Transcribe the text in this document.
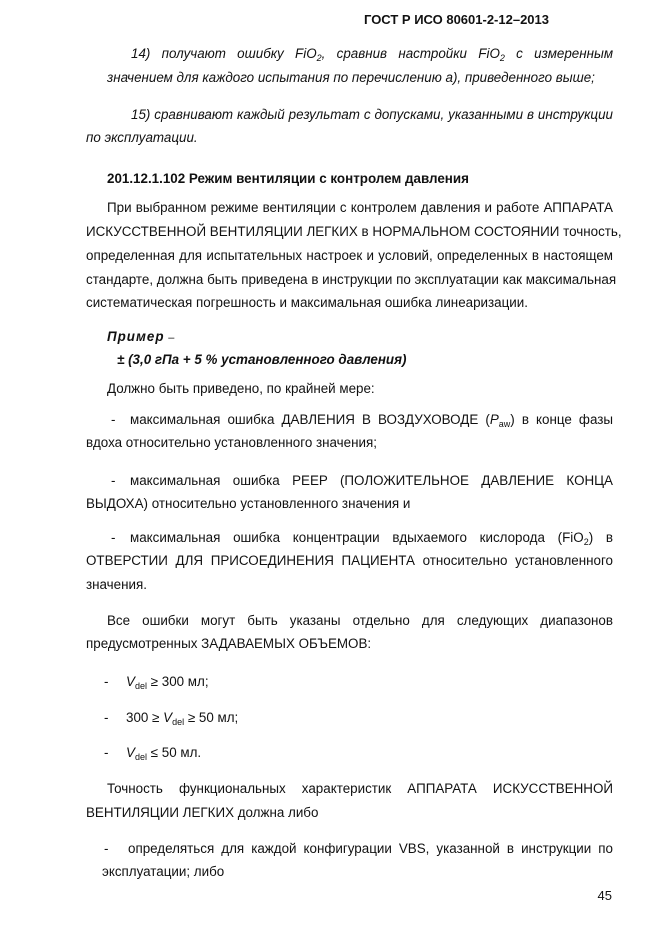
ГОСТ Р ИСО 80601-2-12–2013
14) получают ошибку FiO$_2$, сравнив настройки FiO$_2$ с измеренным
значением для каждого испытания по перечислению а), приведенного выше;
15) сравнивают каждый результат с допусками, указанными в инструкции
по эксплуатации.
201.12.1.102 Режим вентиляции с контролем давления
При выбранном режиме вентиляции с контролем давления и работе АППАРАТА
ИСКУССТВЕННОЙ ВЕНТИЛЯЦИИ ЛЕГКИХ в НОРМАЛЬНОМ СОСТОЯНИИ точность,
определенная для испытательных настроек и условий, определенных в настоящем
стандарте, должна быть приведена в инструкции по эксплуатации как максимальная
систематическая погрешность и максимальная ошибка линеаризации.
Пример –
± (3,0 гПа + 5 % установленного давления)
Должно быть приведено, по крайней мере:
- максимальная ошибка ДАВЛЕНИЯ В ВОЗДУХОВОДЕ $(P_{aw})$ в конце фазы
вдоха относительно установленного значения;
- максимальная ошибка PEEP (ПОЛОЖИТЕЛЬНОЕ ДАВЛЕНИЕ КОНЦА
ВЫДОХА) относительно установленного значения и
- максимальная ошибка концентрации вдыхаемого кислорода (FiO$_2$) в
ОТВЕРСТИИ ДЛЯ ПРИСОЕДИНЕНИЯ ПАЦИЕНТА относительно установленного
значения.
Все ошибки могут быть указаны отдельно для следующих диапазонов
предусмотренных ЗАДАВАЕМЫХ ОБЪЕМОВ:
- $V_{del} \ge 300$ мл;
- $300 \ge V_{del} \ge 50$ мл;
- $V_{del} \le 50$ мл.
Точность функциональных характеристик АППАРАТА ИСКУССТВЕННОЙ
ВЕНТИЛЯЦИИ ЛЕГКИХ должна либо
- определяться для каждой конфигурации VBS, указанной в инструкции по
эксплуатации; либо
45
